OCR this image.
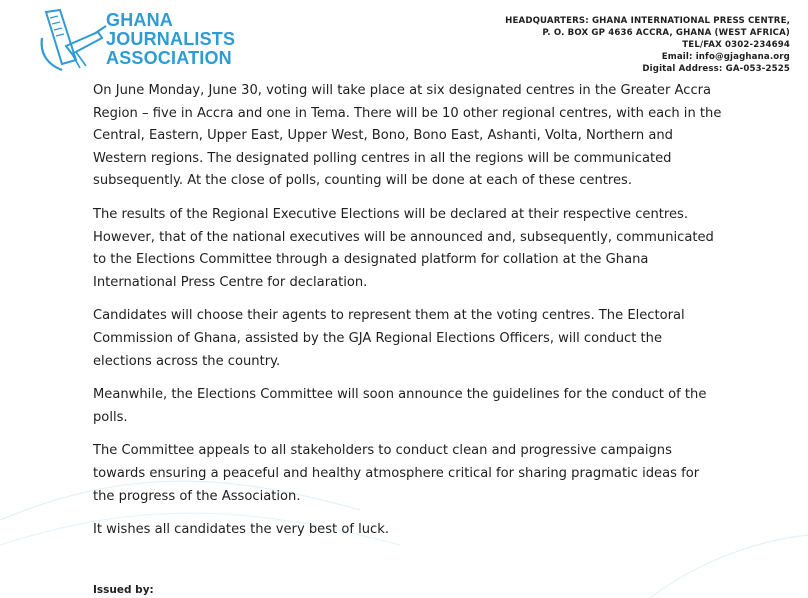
GHANA
JOURNALISTS
ASSOCIATION
HEADQUARTERS: GHANA INTERNATIONAL PRESS CENTRE,
P. O. BOX GP 4636 ACCRA, GHANA (WEST AFRICA)
TEL/FAX 0302-234694
Email: info@gjaghana.org
Digital Address: GA-053-2525

On June Monday, June 30, voting will take place at six designated centres in the Greater Accra Region – five in Accra and one in Tema. There will be 10 other regional centres, with each in the Central, Eastern, Upper East, Upper West, Bono, Bono East, Ashanti, Volta, Northern and Western regions. The designated polling centres in all the regions will be communicated subsequently. At the close of polls, counting will be done at each of these centres.

The results of the Regional Executive Elections will be declared at their respective centres. However, that of the national executives will be announced and, subsequently, communicated to the Elections Committee through a designated platform for collation at the Ghana International Press Centre for declaration.

Candidates will choose their agents to represent them at the voting centres. The Electoral Commission of Ghana, assisted by the GJA Regional Elections Officers, will conduct the elections across the country.

Meanwhile, the Elections Committee will soon announce the guidelines for the conduct of the polls.

The Committee appeals to all stakeholders to conduct clean and progressive campaigns towards ensuring a peaceful and healthy atmosphere critical for sharing pragmatic ideas for the progress of the Association.

It wishes all candidates the very best of luck.

Issued by:
